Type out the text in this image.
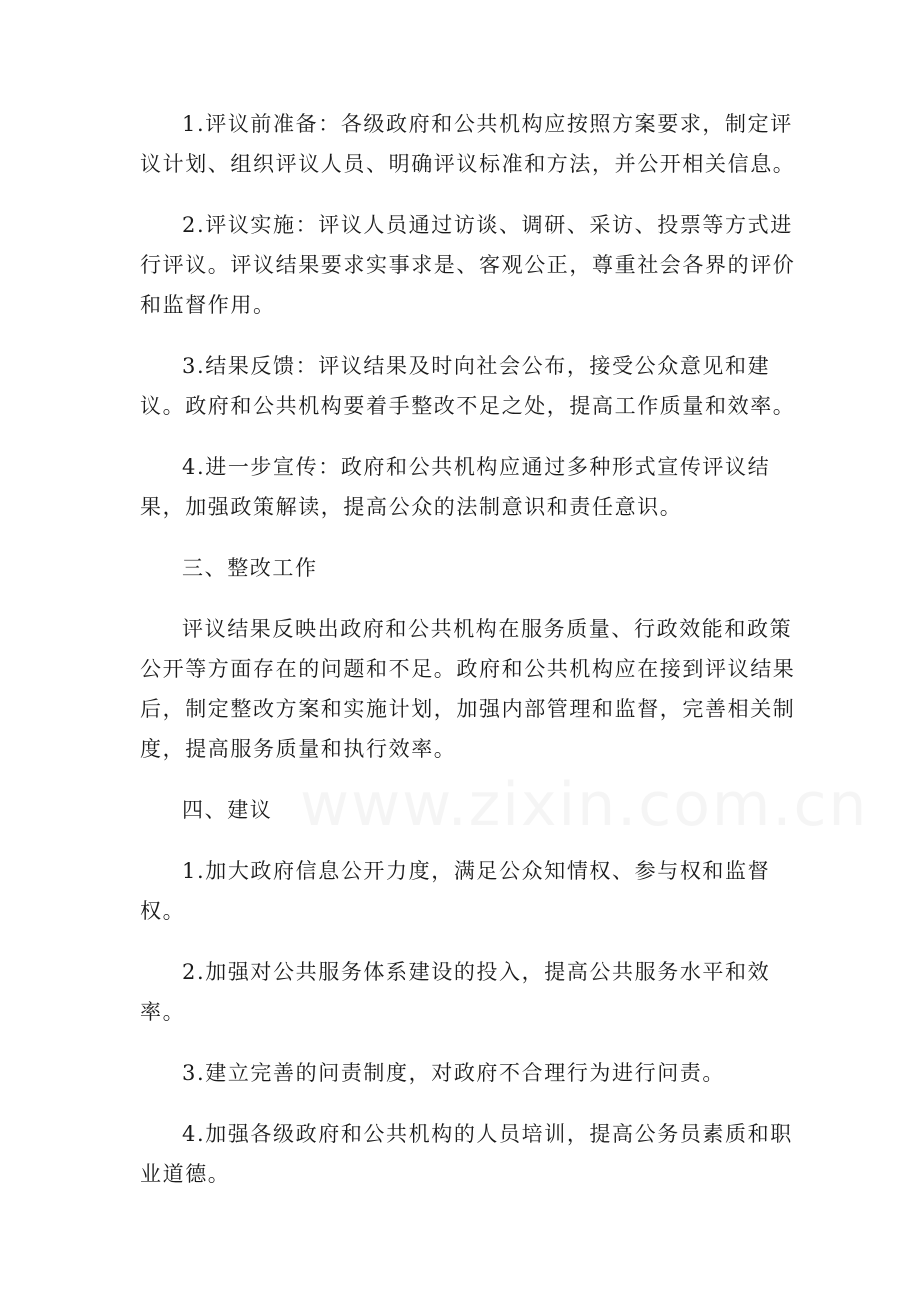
1.评议前准备：各级政府和公共机构应按照方案要求，制定评议计划、组织评议人员、明确评议标准和方法，并公开相关信息。

2.评议实施：评议人员通过访谈、调研、采访、投票等方式进行评议。评议结果要求实事求是、客观公正，尊重社会各界的评价和监督作用。

3.结果反馈：评议结果及时向社会公布，接受公众意见和建议。政府和公共机构要着手整改不足之处，提高工作质量和效率。

4.进一步宣传：政府和公共机构应通过多种形式宣传评议结果，加强政策解读，提高公众的法制意识和责任意识。

三、整改工作

评议结果反映出政府和公共机构在服务质量、行政效能和政策公开等方面存在的问题和不足。政府和公共机构应在接到评议结果后，制定整改方案和实施计划，加强内部管理和监督，完善相关制度，提高服务质量和执行效率。

四、建议

1.加大政府信息公开力度，满足公众知情权、参与权和监督权。

2.加强对公共服务体系建设的投入，提高公共服务水平和效率。

3.建立完善的问责制度，对政府不合理行为进行问责。

4.加强各级政府和公共机构的人员培训，提高公务员素质和职业道德。

www.zixin.com.cn
